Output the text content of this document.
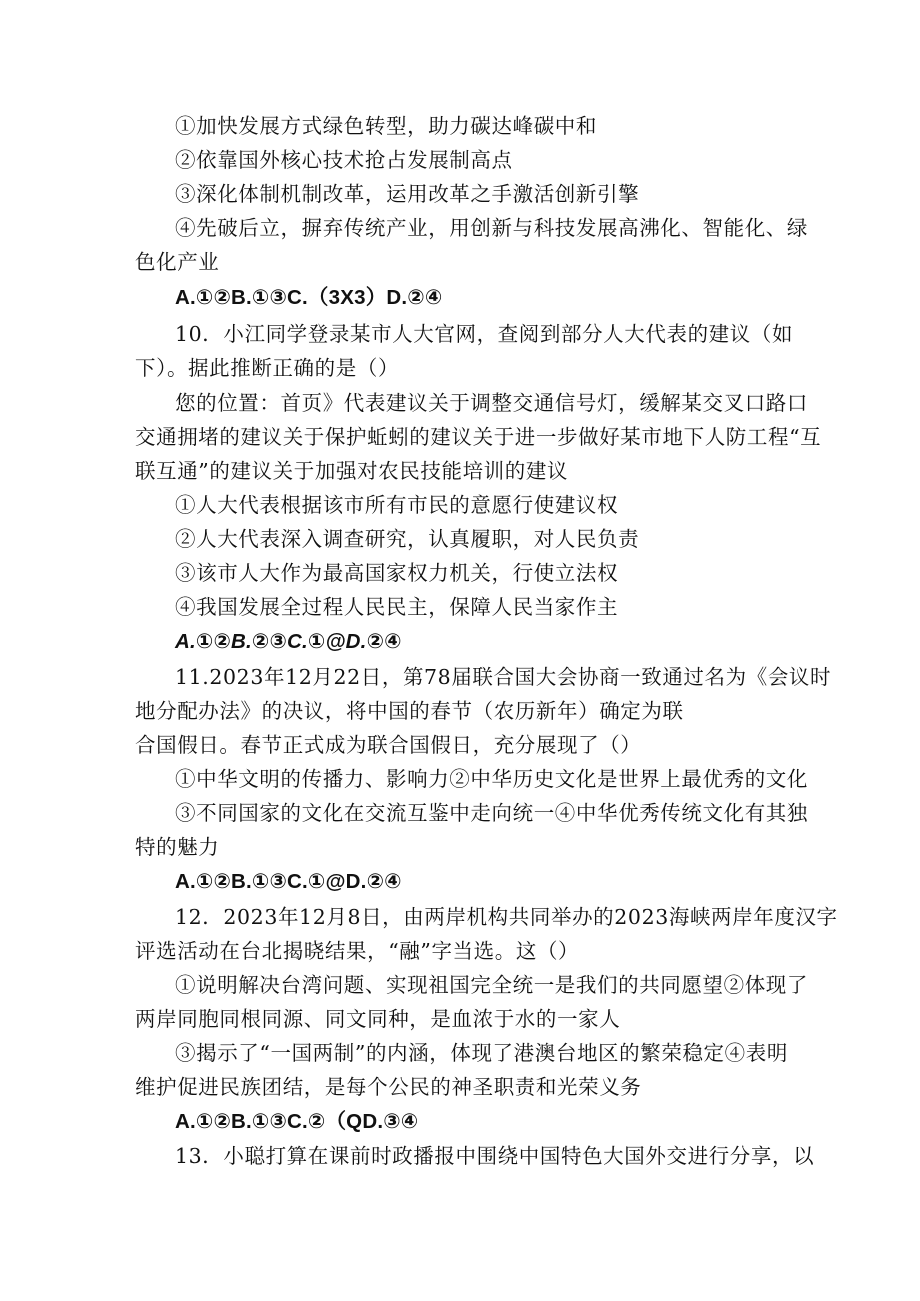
①加快发展方式绿色转型，助力碳达峰碳中和
②依靠国外核心技术抢占发展制高点
③深化体制机制改革，运用改革之手激活创新引擎
④先破后立，摒弃传统产业，用创新与科技发展高沸化、智能化、绿
色化产业
A.①②B.①③C.（3X3）D.②④
10．小江同学登录某市人大官网，查阅到部分人大代表的建议（如
下）。据此推断正确的是（）
您的位置：首页》代表建议关于调整交通信号灯，缓解某交叉口路口
交通拥堵的建议关于保护蚯蚓的建议关于进一步做好某市地下人防工程“互
联互通”的建议关于加强对农民技能培训的建议
①人大代表根据该市所有市民的意愿行使建议权
②人大代表深入调查研究，认真履职，对人民负责
③该市人大作为最高国家权力机关，行使立法权
④我国发展全过程人民民主，保障人民当家作主
A.①②B.②③C.①@D.②④
11.2023年12月22日，第78届联合国大会协商一致通过名为《会议时
地分配办法》的决议，将中国的春节（农历新年）确定为联
合国假日。春节正式成为联合国假日，充分展现了（）
①中华文明的传播力、影响力②中华历史文化是世界上最优秀的文化
③不同国家的文化在交流互鉴中走向统一④中华优秀传统文化有其独
特的魅力
A.①②B.①③C.①@D.②④
12．2023年12月8日，由两岸机构共同举办的2023海峡两岸年度汉字
评选活动在台北揭晓结果，“融”字当选。这（）
①说明解决台湾问题、实现祖国完全统一是我们的共同愿望②体现了
两岸同胞同根同源、同文同种，是血浓于水的一家人
③揭示了“一国两制”的内涵，体现了港澳台地区的繁荣稳定④表明
维护促进民族团结，是每个公民的神圣职责和光荣义务
A.①②B.①③C.②（QD.③④
13．小聪打算在课前时政播报中围绕中国特色大国外交进行分享，以
